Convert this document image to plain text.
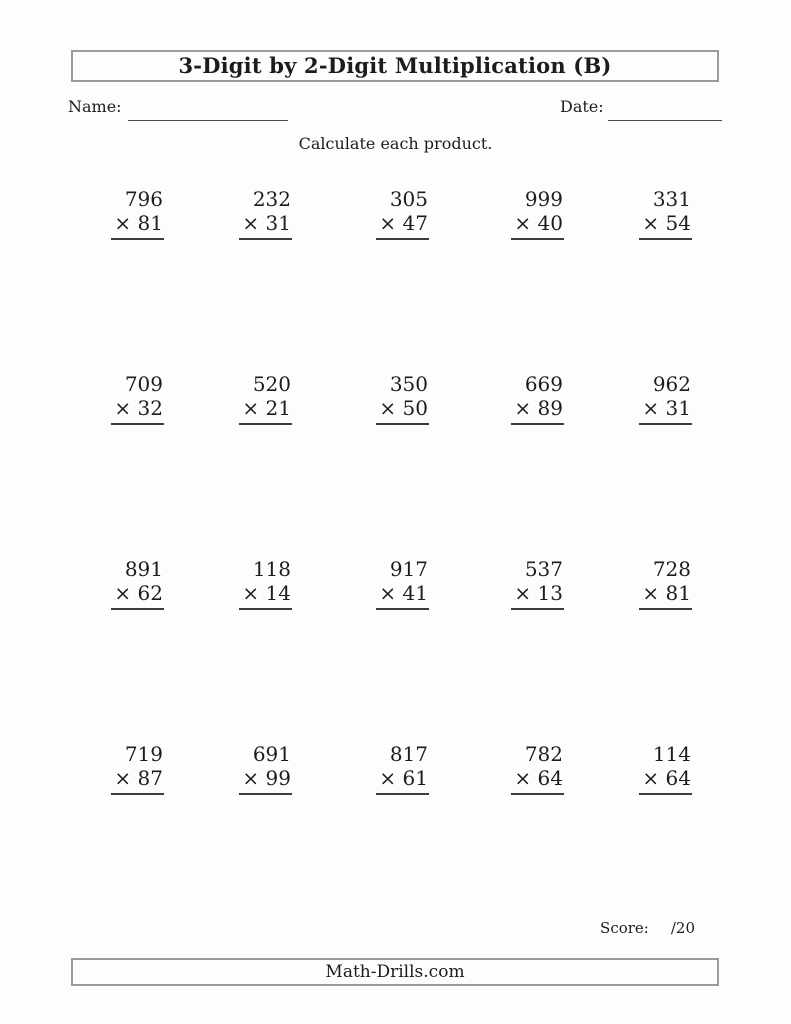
3-Digit by 2-Digit Multiplication (B)
Name:	Date:
Calculate each product.
796
× 81
232
× 31
305
× 47
999
× 40
331
× 54
709
× 32
520
× 21
350
× 50
669
× 89
962
× 31
891
× 62
118
× 14
917
× 41
537
× 13
728
× 81
719
× 87
691
× 99
817
× 61
782
× 64
114
× 64
Score: /20
Math-Drills.com
